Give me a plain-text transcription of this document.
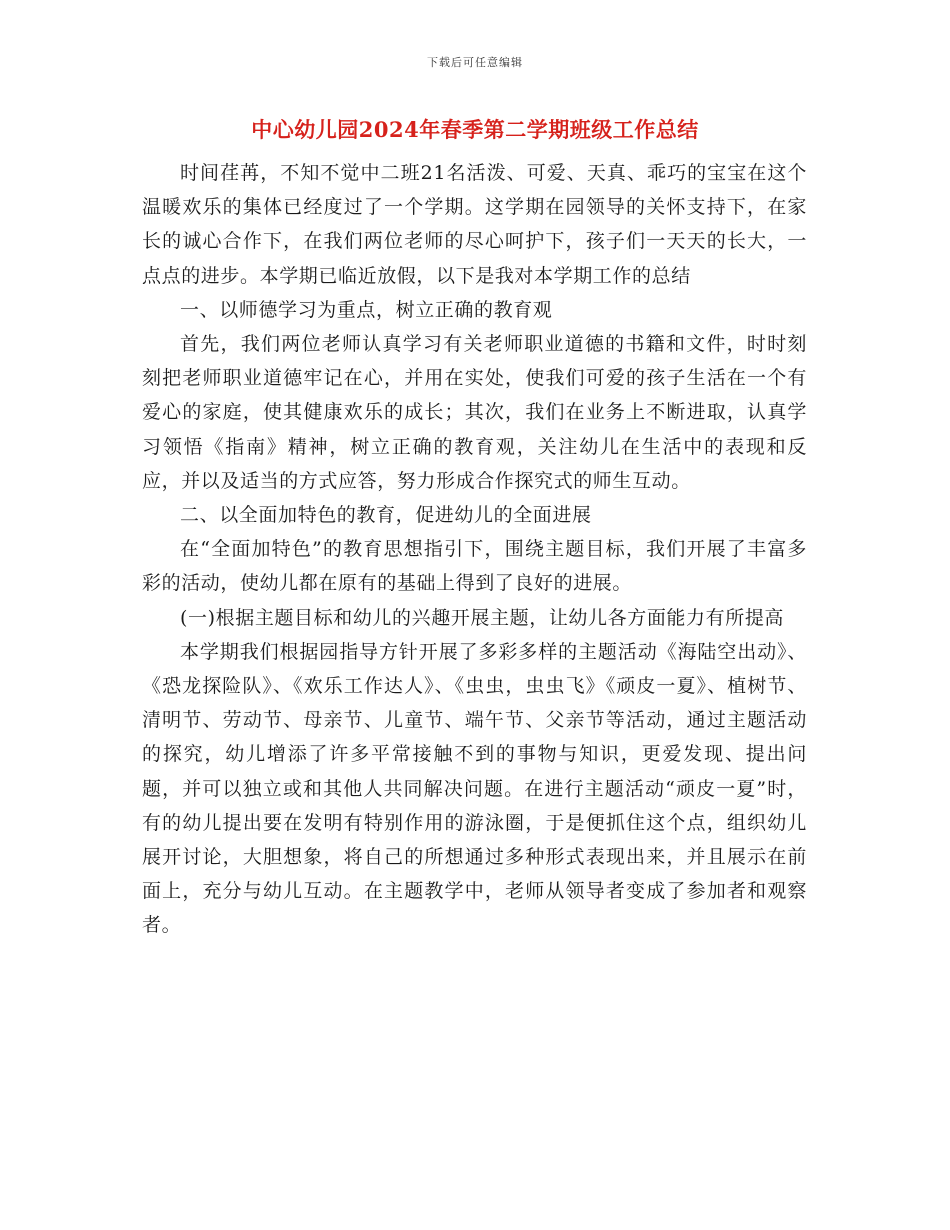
下载后可任意编辑
中心幼儿园2024年春季第二学期班级工作总结

时间荏苒，不知不觉中二班21名活泼、可爱、天真、乖巧的宝宝在这个温暖欢乐的集体已经度过了一个学期。这学期在园领导的关怀支持下，在家长的诚心合作下，在我们两位老师的尽心呵护下，孩子们一天天的长大，一点点的进步。本学期已临近放假，以下是我对本学期工作的总结

一、以师德学习为重点，树立正确的教育观

首先，我们两位老师认真学习有关老师职业道德的书籍和文件，时时刻刻把老师职业道德牢记在心，并用在实处，使我们可爱的孩子生活在一个有爱心的家庭，使其健康欢乐的成长；其次，我们在业务上不断进取，认真学习领悟《指南》精神，树立正确的教育观，关注幼儿在生活中的表现和反应，并以及适当的方式应答，努力形成合作探究式的师生互动。

二、以全面加特色的教育，促进幼儿的全面进展

在“全面加特色”的教育思想指引下，围绕主题目标，我们开展了丰富多彩的活动，使幼儿都在原有的基础上得到了良好的进展。

(一)根据主题目标和幼儿的兴趣开展主题，让幼儿各方面能力有所提高

本学期我们根据园指导方针开展了多彩多样的主题活动《海陆空出动》、《恐龙探险队》、《欢乐工作达人》、《虫虫，虫虫飞》《顽皮一夏》、植树节、清明节、劳动节、母亲节、儿童节、端午节、父亲节等活动，通过主题活动的探究，幼儿增添了许多平常接触不到的事物与知识，更爱发现、提出问题，并可以独立或和其他人共同解决问题。在进行主题活动“顽皮一夏”时，有的幼儿提出要在发明有特别作用的游泳圈，于是便抓住这个点，组织幼儿展开讨论，大胆想象，将自己的所想通过多种形式表现出来，并且展示在前面上，充分与幼儿互动。在主题教学中，老师从领导者变成了参加者和观察者。
